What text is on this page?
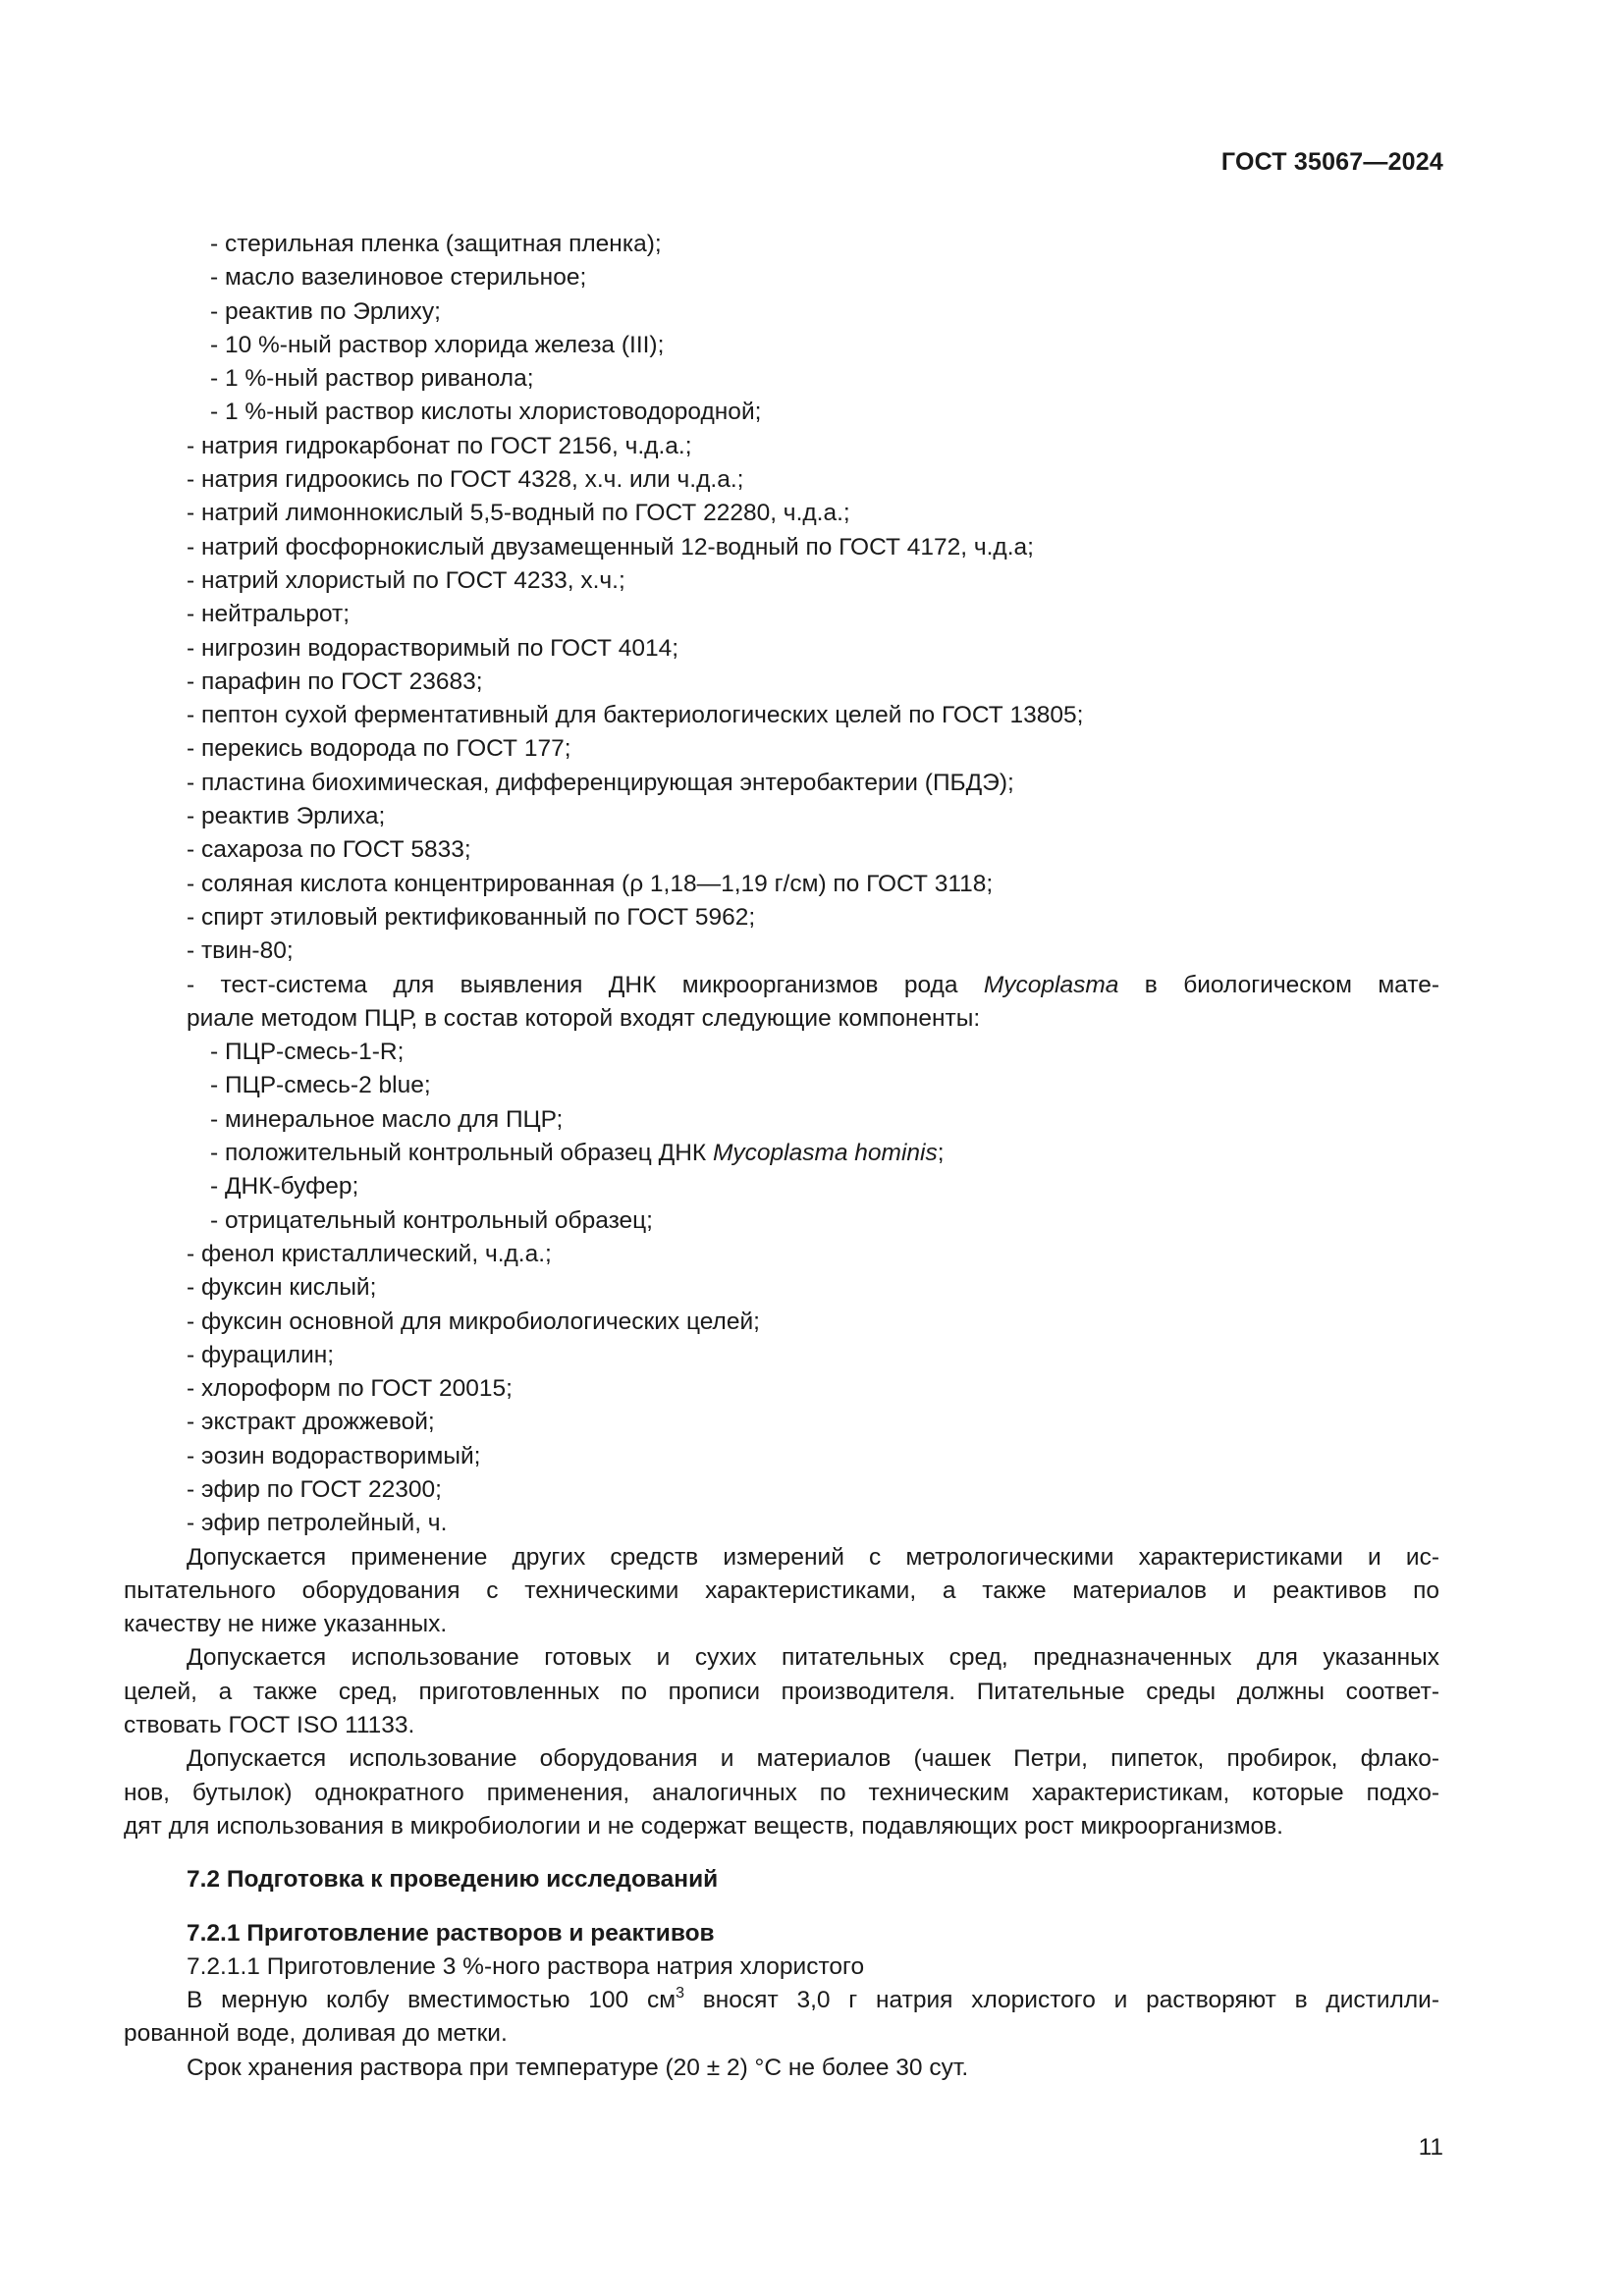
ГОСТ 35067—2024
- стерильная пленка (защитная пленка);
- масло вазелиновое стерильное;
- реактив по Эрлиху;
- 10 %-ный раствор хлорида железа (III);
- 1 %-ный раствор риванола;
- 1 %-ный раствор кислоты хлористоводородной;
- натрия гидрокарбонат по ГОСТ 2156, ч.д.а.;
- натрия гидроокись по ГОСТ 4328, х.ч. или ч.д.а.;
- натрий лимоннокислый 5,5-водный по ГОСТ 22280, ч.д.а.;
- натрий фосфорнокислый двузамещенный 12-водный по ГОСТ 4172, ч.д.а;
- натрий хлористый по ГОСТ 4233, х.ч.;
- нейтральрот;
- нигрозин водорастворимый по ГОСТ 4014;
- парафин по ГОСТ 23683;
- пептон сухой ферментативный для бактериологических целей по ГОСТ 13805;
- перекись водорода по ГОСТ 177;
- пластина биохимическая, дифференцирующая энтеробактерии (ПБДЭ);
- реактив Эрлиха;
- сахароза по ГОСТ 5833;
- соляная кислота концентрированная (ρ 1,18—1,19 г/см) по ГОСТ 3118;
- спирт этиловый ректификованный по ГОСТ 5962;
- твин-80;
- тест-система для выявления ДНК микроорганизмов рода Mycoplasma в биологическом мате-
риале методом ПЦР, в состав которой входят следующие компоненты:
- ПЦР-смесь-1-R;
- ПЦР-смесь-2 blue;
- минеральное масло для ПЦР;
- положительный контрольный образец ДНК Mycoplasma hominis;
- ДНК-буфер;
- отрицательный контрольный образец;
- фенол кристаллический, ч.д.а.;
- фуксин кислый;
- фуксин основной для микробиологических целей;
- фурацилин;
- хлороформ по ГОСТ 20015;
- экстракт дрожжевой;
- эозин водорастворимый;
- эфир по ГОСТ 22300;
- эфир петролейный, ч.
Допускается применение других средств измерений с метрологическими характеристиками и ис-
пытательного оборудования с техническими характеристиками, а также материалов и реактивов по
качеству не ниже указанных.
Допускается использование готовых и сухих питательных сред, предназначенных для указанных
целей, а также сред, приготовленных по прописи производителя. Питательные среды должны соответ-
ствовать ГОСТ ISO 11133.
Допускается использование оборудования и материалов (чашек Петри, пипеток, пробирок, флако-
нов, бутылок) однократного применения, аналогичных по техническим характеристикам, которые подхо-
дят для использования в микробиологии и не содержат веществ, подавляющих рост микроорганизмов.
7.2 Подготовка к проведению исследований
7.2.1 Приготовление растворов и реактивов
7.2.1.1 Приготовление 3 %-ного раствора натрия хлористого
В мерную колбу вместимостью 100 $см^3$ вносят 3,0 г натрия хлористого и растворяют в дистилли-
рованной воде, доливая до метки.
Срок хранения раствора при температуре (20 ± 2) °С не более 30 сут.
11
